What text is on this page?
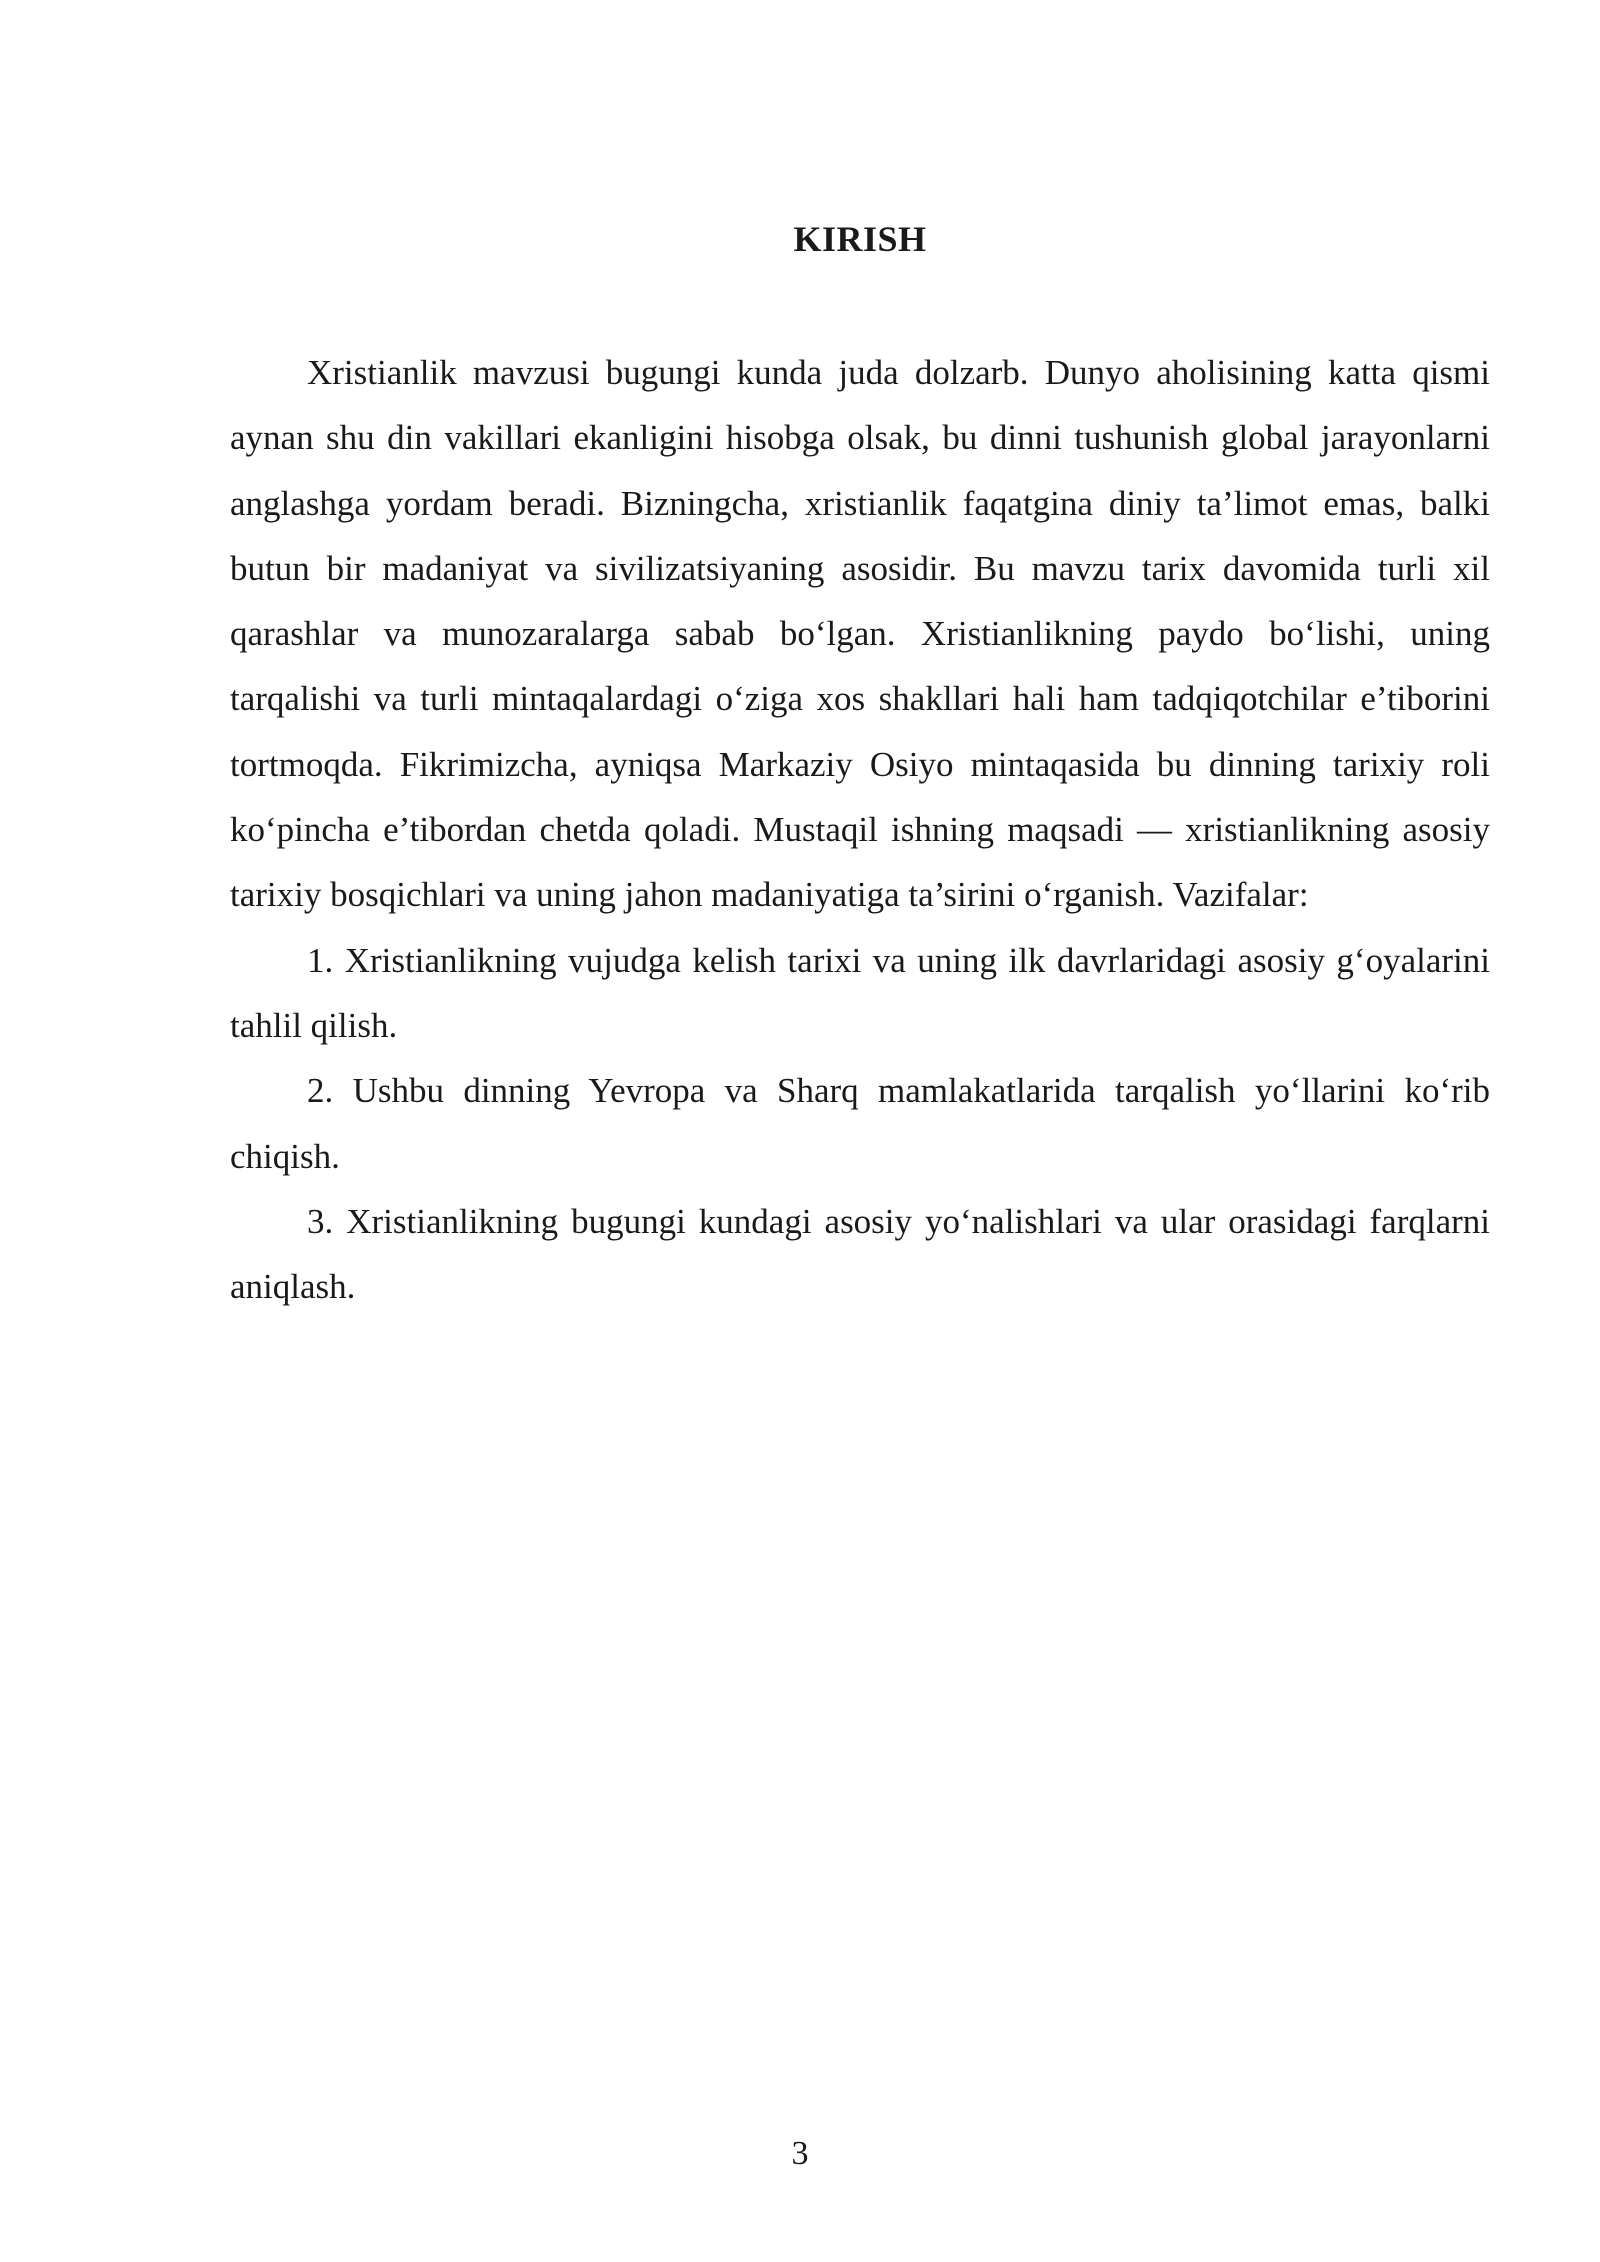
KIRISH

Xristianlik mavzusi bugungi kunda juda dolzarb. Dunyo aholisining katta qismi aynan shu din vakillari ekanligini hisobga olsak, bu dinni tushunish global jarayonlarni anglashga yordam beradi. Bizningcha, xristianlik faqatgina diniy ta’limot emas, balki butun bir madaniyat va sivilizatsiyaning asosidir. Bu mavzu tarix davomida turli xil qarashlar va munozaralarga sabab bo‘lgan. Xristianlikning paydo bo‘lishi, uning tarqalishi va turli mintaqalardagi o‘ziga xos shakllari hali ham tadqiqotchilar e’tiborini tortmoqda. Fikrimizcha, ayniqsa Markaziy Osiyo mintaqasida bu dinning tarixiy roli ko‘pincha e’tibordan chetda qoladi. Mustaqil ishning maqsadi — xristianlikning asosiy tarixiy bosqichlari va uning jahon madaniyatiga ta’sirini o‘rganish. Vazifalar:

1. Xristianlikning vujudga kelish tarixi va uning ilk davrlaridagi asosiy g‘oyalarini tahlil qilish.

2. Ushbu dinning Yevropa va Sharq mamlakatlarida tarqalish yo‘llarini ko‘rib chiqish.

3. Xristianlikning bugungi kundagi asosiy yo‘nalishlari va ular orasidagi farqlarni aniqlash.

3
